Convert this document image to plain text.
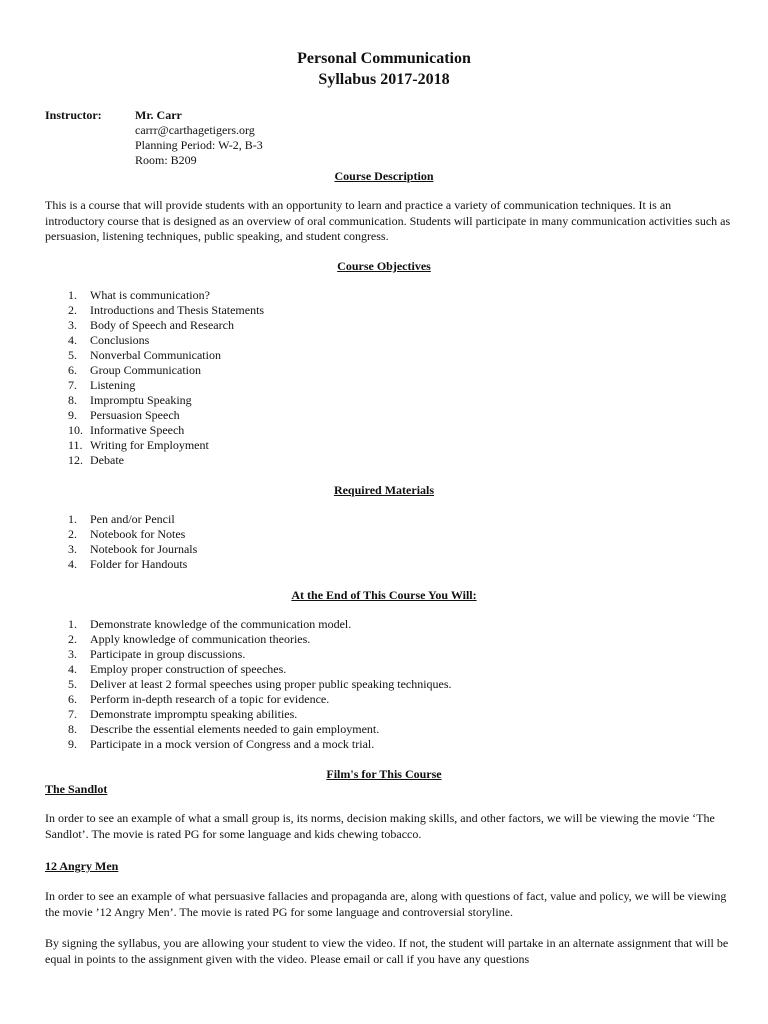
Personal Communication
Syllabus 2017-2018
Instructor:	Mr. Carr
carrr@carthagetigers.org
Planning Period: W-2, B-3
Room: B209
Course Description
This is a course that will provide students with an opportunity to learn and practice a variety of communication techniques. It is an introductory course that is designed as an overview of oral communication. Students will participate in many communication activities such as persuasion, listening techniques, public speaking, and student congress.
Course Objectives
1. What is communication?
2. Introductions and Thesis Statements
3. Body of Speech and Research
4. Conclusions
5. Nonverbal Communication
6. Group Communication
7. Listening
8. Impromptu Speaking
9. Persuasion Speech
10. Informative Speech
11. Writing for Employment
12. Debate
Required Materials
1. Pen and/or Pencil
2. Notebook for Notes
3. Notebook for Journals
4. Folder for Handouts
At the End of This Course You Will:
1. Demonstrate knowledge of the communication model.
2. Apply knowledge of communication theories.
3. Participate in group discussions.
4. Employ proper construction of speeches.
5. Deliver at least 2 formal speeches using proper public speaking techniques.
6. Perform in-depth research of a topic for evidence.
7. Demonstrate impromptu speaking abilities.
8. Describe the essential elements needed to gain employment.
9. Participate in a mock version of Congress and a mock trial.
Film's for This Course
The Sandlot
In order to see an example of what a small group is, its norms, decision making skills, and other factors, we will be viewing the movie ‘The Sandlot’. The movie is rated PG for some language and kids chewing tobacco.
12 Angry Men
In order to see an example of what persuasive fallacies and propaganda are, along with questions of fact, value and policy, we will be viewing the movie ’12 Angry Men’. The movie is rated PG for some language and controversial storyline.
By signing the syllabus, you are allowing your student to view the video. If not, the student will partake in an alternate assignment that will be equal in points to the assignment given with the video. Please email or call if you have any questions
